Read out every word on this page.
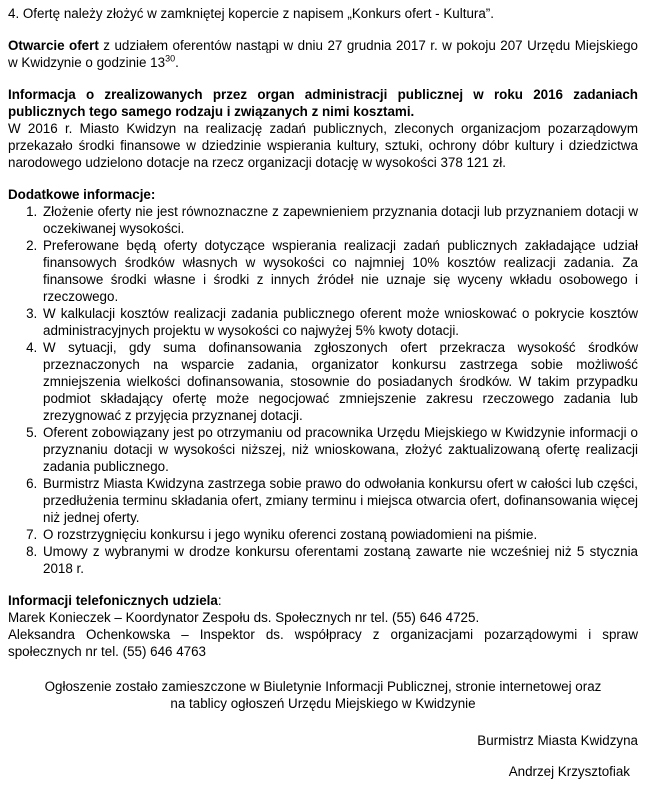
4. Ofertę należy złożyć w zamkniętej kopercie z napisem „Konkurs ofert - Kultura”.

Otwarcie ofert z udziałem oferentów nastąpi w dniu 27 grudnia 2017 r. w pokoju 207 Urzędu Miejskiego w Kwidzynie o godzinie $13^{30}$.

Informacja o zrealizowanych przez organ administracji publicznej w roku 2016 zadaniach publicznych tego samego rodzaju i związanych z nimi kosztami.

W 2016 r. Miasto Kwidzyn na realizację zadań publicznych, zleconych organizacjom pozarządowym przekazało środki finansowe w dziedzinie wspierania kultury, sztuki, ochrony dóbr kultury i dziedzictwa narodowego udzielono dotacje na rzecz organizacji dotację w wysokości 378 121 zł.

Dodatkowe informacje:

1. Złożenie oferty nie jest równoznaczne z zapewnieniem przyznania dotacji lub przyznaniem dotacji w oczekiwanej wysokości.
2. Preferowane będą oferty dotyczące wspierania realizacji zadań publicznych zakładające udział finansowych środków własnych w wysokości co najmniej 10% kosztów realizacji zadania. Za finansowe środki własne i środki z innych źródeł nie uznaje się wyceny wkładu osobowego i rzeczowego.
3. W kalkulacji kosztów realizacji zadania publicznego oferent może wnioskować o pokrycie kosztów administracyjnych projektu w wysokości co najwyżej 5% kwoty dotacji.
4. W sytuacji, gdy suma dofinansowania zgłoszonych ofert przekracza wysokość środków przeznaczonych na wsparcie zadania, organizator konkursu zastrzega sobie możliwość zmniejszenia wielkości dofinansowania, stosownie do posiadanych środków. W takim przypadku podmiot składający ofertę może negocjować zmniejszenie zakresu rzeczowego zadania lub zrezygnować z przyjęcia przyznanej dotacji.
5. Oferent zobowiązany jest po otrzymaniu od pracownika Urzędu Miejskiego w Kwidzynie informacji o przyznaniu dotacji w wysokości niższej, niż wnioskowana, złożyć zaktualizowaną ofertę realizacji zadania publicznego.
6. Burmistrz Miasta Kwidzyna zastrzega sobie prawo do odwołania konkursu ofert w całości lub części, przedłużenia terminu składania ofert, zmiany terminu i miejsca otwarcia ofert, dofinansowania więcej niż jednej oferty.
7. O rozstrzygnięciu konkursu i jego wyniku oferenci zostaną powiadomieni na piśmie.
8. Umowy z wybranymi w drodze konkursu oferentami zostaną zawarte nie wcześniej niż 5 stycznia 2018 r.

Informacji telefonicznych udziela:

Marek Konieczek – Koordynator Zespołu ds. Społecznych nr tel. (55) 646 4725.

Aleksandra Ochenkowska – Inspektor ds. współpracy z organizacjami pozarządowymi i spraw społecznych nr tel. (55) 646 4763

Ogłoszenie zostało zamieszczone w Biuletynie Informacji Publicznej, stronie internetowej oraz
na tablicy ogłoszeń Urzędu Miejskiego w Kwidzynie

Burmistrz Miasta Kwidzyna

Andrzej Krzysztofiak
